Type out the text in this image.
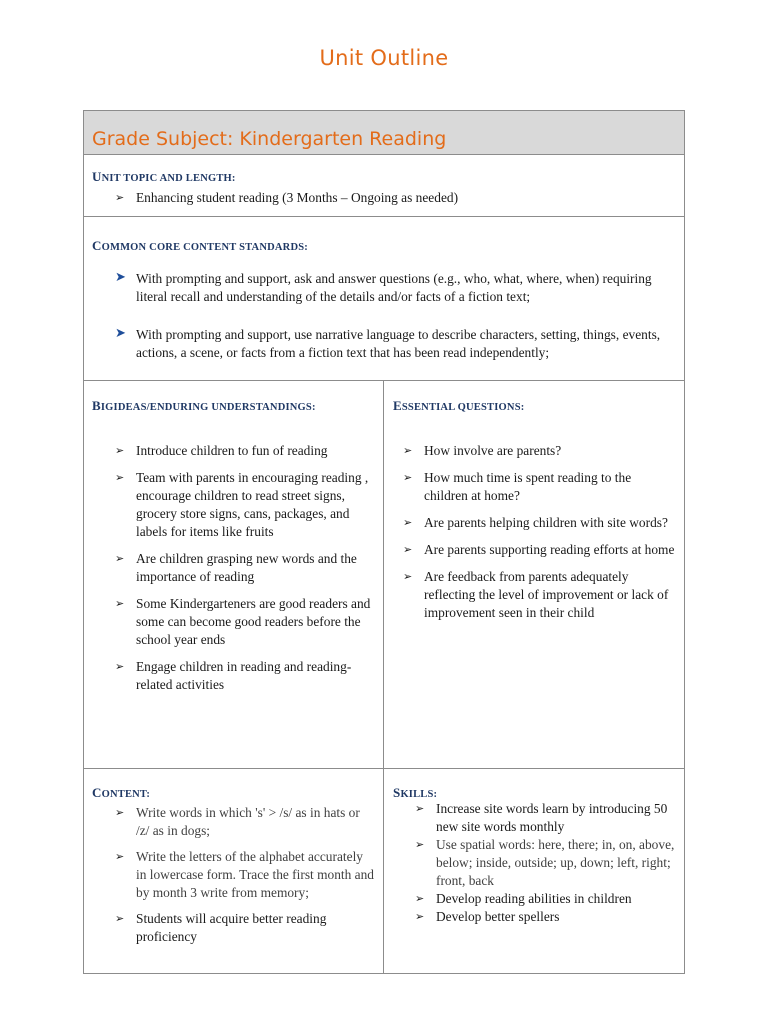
Unit Outline
Grade Subject: Kindergarten Reading
UNIT TOPIC AND LENGTH:
➢ Enhancing student reading (3 Months – Ongoing as needed)
COMMON CORE CONTENT STANDARDS:
➤ With prompting and support, ask and answer questions (e.g., who, what, where, when) requiring literal recall and understanding of the details and/or facts of a fiction text;
➤ With prompting and support, use narrative language to describe characters, setting, things, events, actions, a scene, or facts from a fiction text that has been read independently;
BIGIDEAS/ENDURING UNDERSTANDINGS:
➢ Introduce children to fun of reading
➢ Team with parents in encouraging reading , encourage children to read street signs, grocery store signs, cans, packages, and labels for items like fruits
➢ Are children grasping new words and the importance of reading
➢ Some Kindergarteners are good readers and some can become good readers before the school year ends
➢ Engage children in reading and reading-related activities
ESSENTIAL QUESTIONS:
➢ How involve are parents?
➢ How much time is spent reading to the children at home?
➢ Are parents helping children with site words?
➢ Are parents supporting reading efforts at home
➢ Are feedback from parents adequately reflecting the level of improvement or lack of improvement seen in their child
CONTENT:
➢ Write words in which 's' > /s/ as in hats or /z/ as in dogs;
➢ Write the letters of the alphabet accurately in lowercase form. Trace the first month and by month 3 write from memory;
➢ Students will acquire better reading proficiency
SKILLS:
➢ Increase site words learn by introducing 50 new site words monthly
➢ Use spatial words: here, there; in, on, above, below; inside, outside; up, down; left, right; front, back
➢ Develop reading abilities in children
➢ Develop better spellers
